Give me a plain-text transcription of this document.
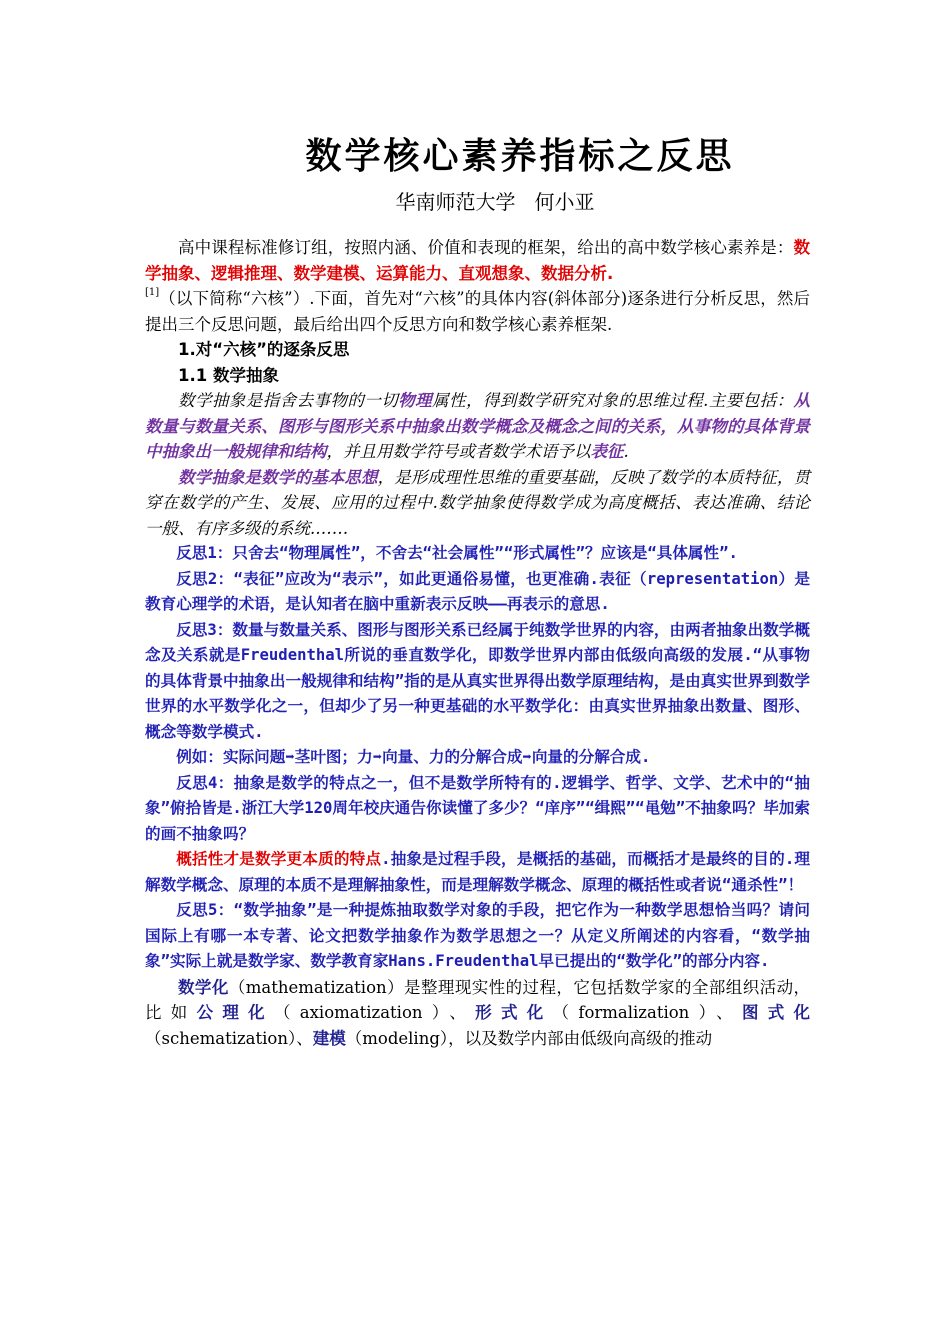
数学核心素养指标之反思
华南师范大学   何小亚

高中课程标准修订组，按照内涵、价值和表现的框架，给出的高中数学核心素养是：数学抽象、逻辑推理、数学建模、运算能力、直观想象、数据分析.
[1]（以下简称“六核”）.下面，首先对“六核”的具体内容(斜体部分)逐条进行分析反思，然后提出三个反思问题，最后给出四个反思方向和数学核心素养框架.

1.对“六核”的逐条反思

1.1 数学抽象

数学抽象是指舍去事物的一切物理属性，得到数学研究对象的思维过程.主要包括：从数量与数量关系、图形与图形关系中抽象出数学概念及概念之间的关系，从事物的具体背景中抽象出一般规律和结构，并且用数学符号或者数学术语予以表征.

数学抽象是数学的基本思想，是形成理性思维的重要基础，反映了数学的本质特征，贯穿在数学的产生、发展、应用的过程中.数学抽象使得数学成为高度概括、表达准确、结论一般、有序多级的系统.……

反思1：只舍去“物理属性”，不舍去“社会属性”“形式属性”？应该是“具体属性”.

反思2：“表征”应改为“表示”，如此更通俗易懂，也更准确.表征（representation）是教育心理学的术语，是认知者在脑中重新表示反映——再表示的意思.

反思3：数量与数量关系、图形与图形关系已经属于纯数学世界的内容，由两者抽象出数学概念及关系就是Freudenthal所说的垂直数学化，即数学世界内部由低级向高级的发展.“从事物的具体背景中抽象出一般规律和结构”指的是从真实世界得出数学原理结构，是由真实世界到数学世界的水平数学化之一，但却少了另一种更基础的水平数学化：由真实世界抽象出数量、图形、概念等数学模式.

例如：实际问题➡茎叶图；力➡向量、力的分解合成➡向量的分解合成.

反思4：抽象是数学的特点之一，但不是数学所特有的.逻辑学、哲学、文学、艺术中的“抽象”俯拾皆是.浙江大学120周年校庆通告你读懂了多少？“庠序”“缉熙”“黾勉”不抽象吗？毕加索的画不抽象吗？

概括性才是数学更本质的特点.抽象是过程手段，是概括的基础，而概括才是最终的目的.理解数学概念、原理的本质不是理解抽象性，而是理解数学概念、原理的概括性或者说“通杀性”！

反思5：“数学抽象”是一种提炼抽取数学对象的手段，把它作为一种数学思想恰当吗？请问国际上有哪一本专著、论文把数学抽象作为数学思想之一？从定义所阐述的内容看，“数学抽象”实际上就是数学家、数学教育家Hans.Freudenthal早已提出的“数学化”的部分内容.

数学化（mathematization）是整理现实性的过程，它包括数学家的全部组织活动，比如公理化（axiomatization）、形式化（formalization）、图式化（schematization）、建模（modeling），以及数学内部由低级向高级的推动
